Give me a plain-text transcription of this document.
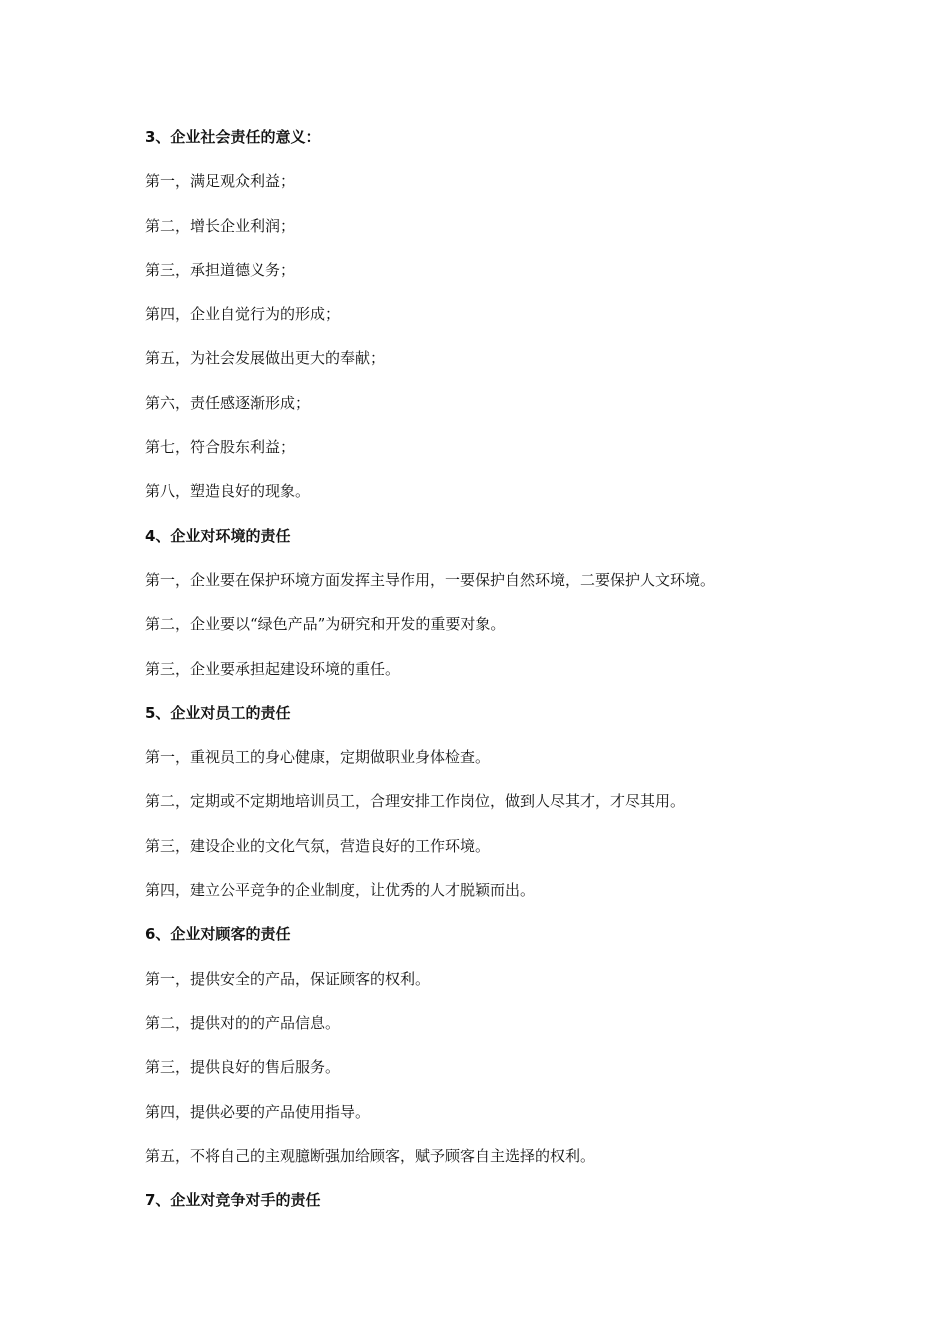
3、企业社会责任的意义：
第一，满足观众利益；
第二，增长企业利润；
第三，承担道德义务；
第四，企业自觉行为的形成；
第五，为社会发展做出更大的奉献；
第六，责任感逐渐形成；
第七，符合股东利益；
第八，塑造良好的现象。
4、企业对环境的责任
第一，企业要在保护环境方面发挥主导作用，一要保护自然环境，二要保护人文环境。
第二，企业要以“绿色产品”为研究和开发的重要对象。
第三，企业要承担起建设环境的重任。
5、企业对员工的责任
第一，重视员工的身心健康，定期做职业身体检查。
第二，定期或不定期地培训员工，合理安排工作岗位，做到人尽其才，才尽其用。
第三，建设企业的文化气氛，营造良好的工作环境。
第四，建立公平竞争的企业制度，让优秀的人才脱颖而出。
6、企业对顾客的责任
第一，提供安全的产品，保证顾客的权利。
第二，提供对的的产品信息。
第三，提供良好的售后服务。
第四，提供必要的产品使用指导。
第五，不将自己的主观臆断强加给顾客，赋予顾客自主选择的权利。
7、企业对竞争对手的责任
